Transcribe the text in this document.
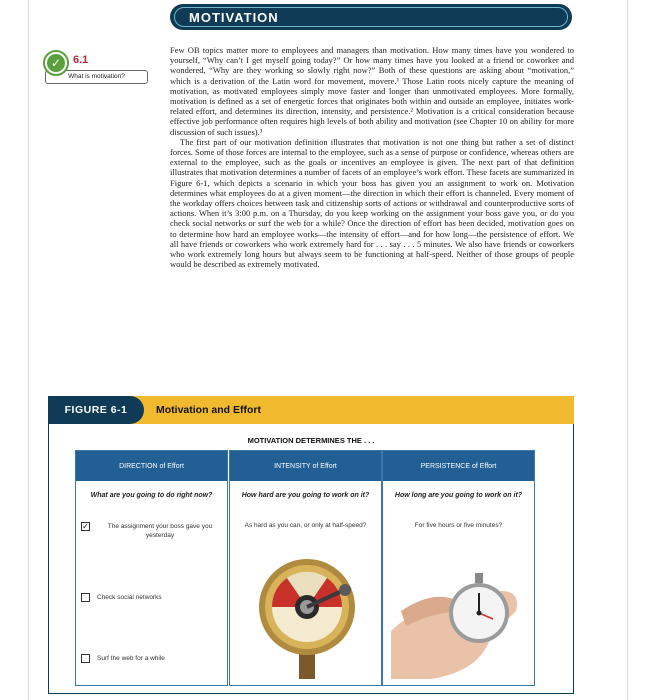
MOTIVATION
✓	6.1
What is motivation?

Few OB topics matter more to employees and managers than motivation. How many times have you wondered to yourself, “Why can’t I get myself going today?” Or how many times have you looked at a friend or coworker and wondered, “Why are they working so slowly right now?” Both of these questions are asking about “motivation,” which is a derivation of the Latin word for movement, movere.¹ Those Latin roots nicely capture the meaning of motivation, as motivated employees simply move faster and longer than unmotivated employees. More formally, motivation is defined as a set of energetic forces that originates both within and outside an employee, initiates work-related effort, and determines its direction, intensity, and persistence.² Motivation is a critical consideration because effective job performance often requires high levels of both ability and motivation (see Chapter 10 on ability for more discussion of such issues).³

The first part of our motivation definition illustrates that motivation is not one thing but rather a set of distinct forces. Some of those forces are internal to the employee, such as a sense of purpose or confidence, whereas others are external to the employee, such as the goals or incentives an employee is given. The next part of that definition illustrates that motivation determines a number of facets of an employee’s work effort. These facets are summarized in Figure 6-1, which depicts a scenario in which your boss has given you an assignment to work on. Motivation determines what employees do at a given moment—the direction in which their effort is channeled. Every moment of the workday offers choices between task and citizenship sorts of actions or withdrawal and counterproductive sorts of actions. When it’s 3:00 p.m. on a Thursday, do you keep working on the assignment your boss gave you, or do you check social networks or surf the web for a while? Once the direction of effort has been decided, motivation goes on to determine how hard an employee works—the intensity of effort—and for how long—the persistence of effort. We all have friends or coworkers who work extremely hard for . . . say . . . 5 minutes. We also have friends or coworkers who work extremely long hours but always seem to be functioning at half-speed. Neither of those groups of people would be described as extremely motivated.

FIGURE 6-1	Motivation and Effort
MOTIVATION DETERMINES THE . . .
DIRECTION of Effort
What are you going to do right now?
✓	The assignment your boss gave you yesterday
Check social networks
Surf the web for a while
INTENSITY of Effort
How hard are you going to work on it?
As hard as you can, or only at half-speed?
PERSISTENCE of Effort
How long are you going to work on it?
For five hours or five minutes?
